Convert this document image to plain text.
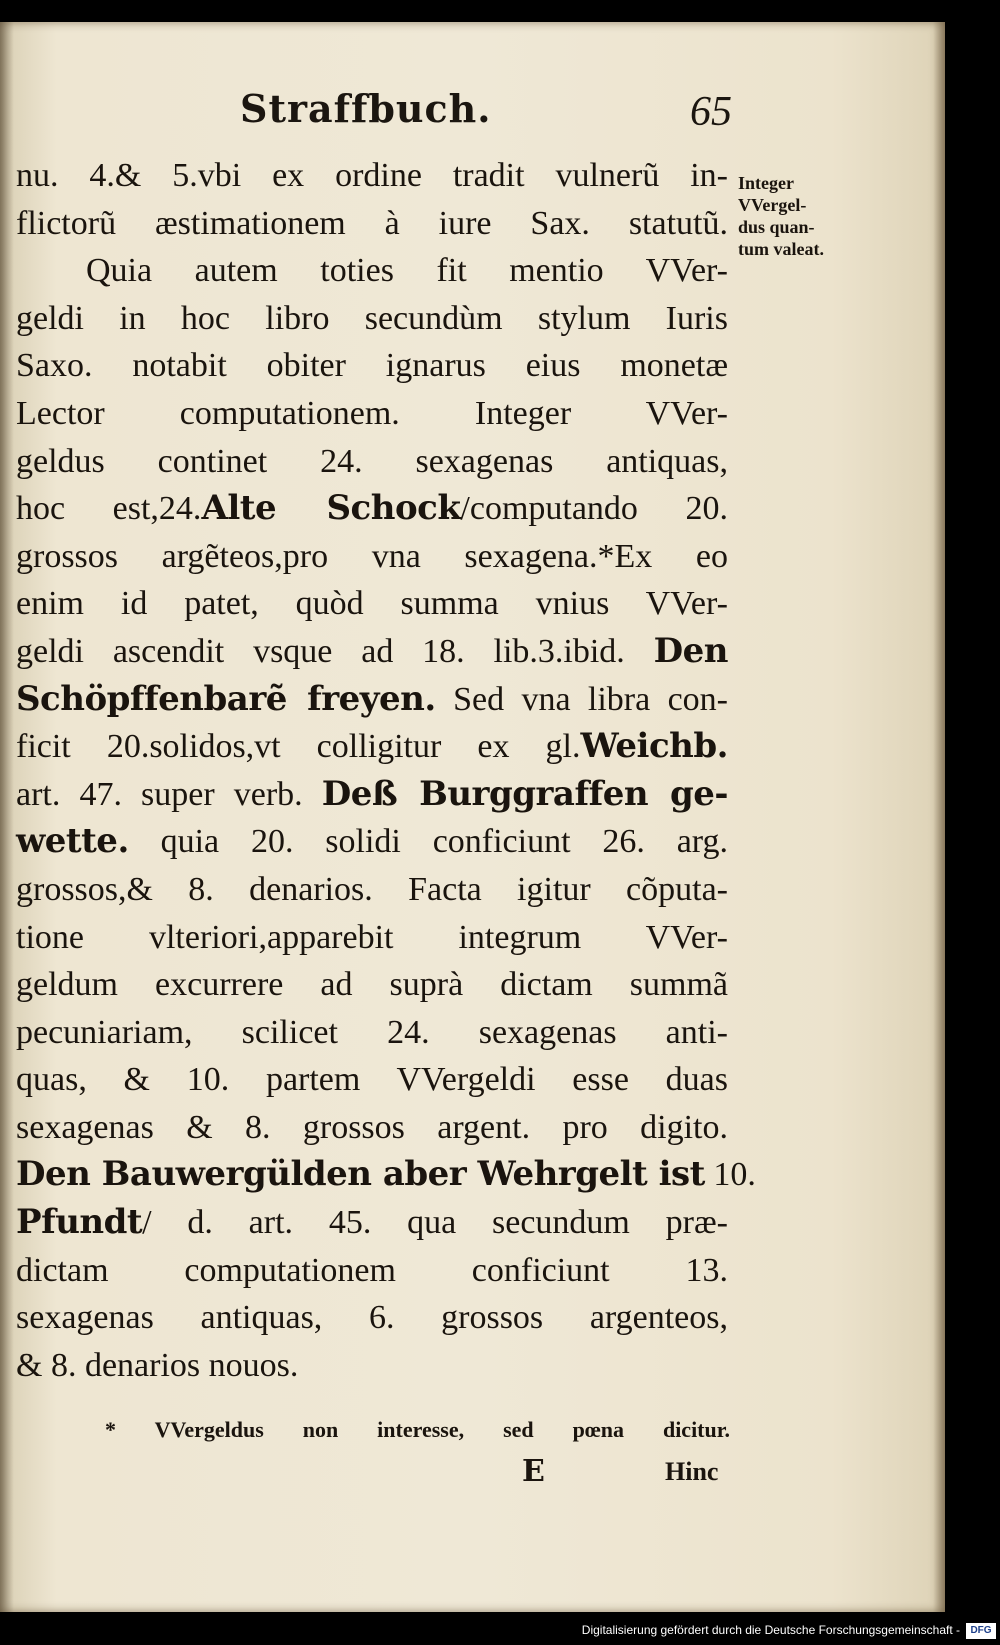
Straffbuch.	65
nu. 4.& 5.vbi ex ordine tradit vulnerũ in-
flictorũ æstimationem à iure Sax. statutũ.
Quia autem toties fit mentio VVer-
geldi in hoc libro secundùm stylum Iuris
Saxo. notabit obiter ignarus eius monetæ
Lector computationem. Integer VVer-
geldus continet 24. sexagenas antiquas,
hoc est,24.Alte Schock/computando 20.
grossos argẽteos,pro vna sexagena.*Ex eo
enim id patet, quòd summa vnius VVer-
geldi ascendit vsque ad 18. lib.3.ibid. Den
Schöpffenbarẽ freyen. Sed vna libra con-
ficit 20.solidos,vt colligitur ex gl.Weichb.
art. 47. super verb. Deß Burggraffen ge-
wette. quia 20. solidi conficiunt 26. arg.
grossos,& 8. denarios. Facta igitur cõputa-
tione vlteriori,apparebit integrum VVer-
geldum excurrere ad suprà dictam summã
pecuniariam, scilicet 24. sexagenas anti-
quas, & 10. partem VVergeldi esse duas
sexagenas & 8. grossos argent. pro digito.
Den Bauwergülden aber Wehrgelt ist 10.
Pfundt/ d. art. 45. qua secundum præ-
dictam computationem conficiunt 13.
sexagenas antiquas, 6. grossos argenteos,
& 8. denarios nouos.
Integer
VVergel-
dus quan-
tum valeat.
* VVergeldus non interesse, sed pœna dicitur.
E	Hinc
Digitalisierung gefördert durch die Deutsche Forschungsgemeinschaft -	DFG
